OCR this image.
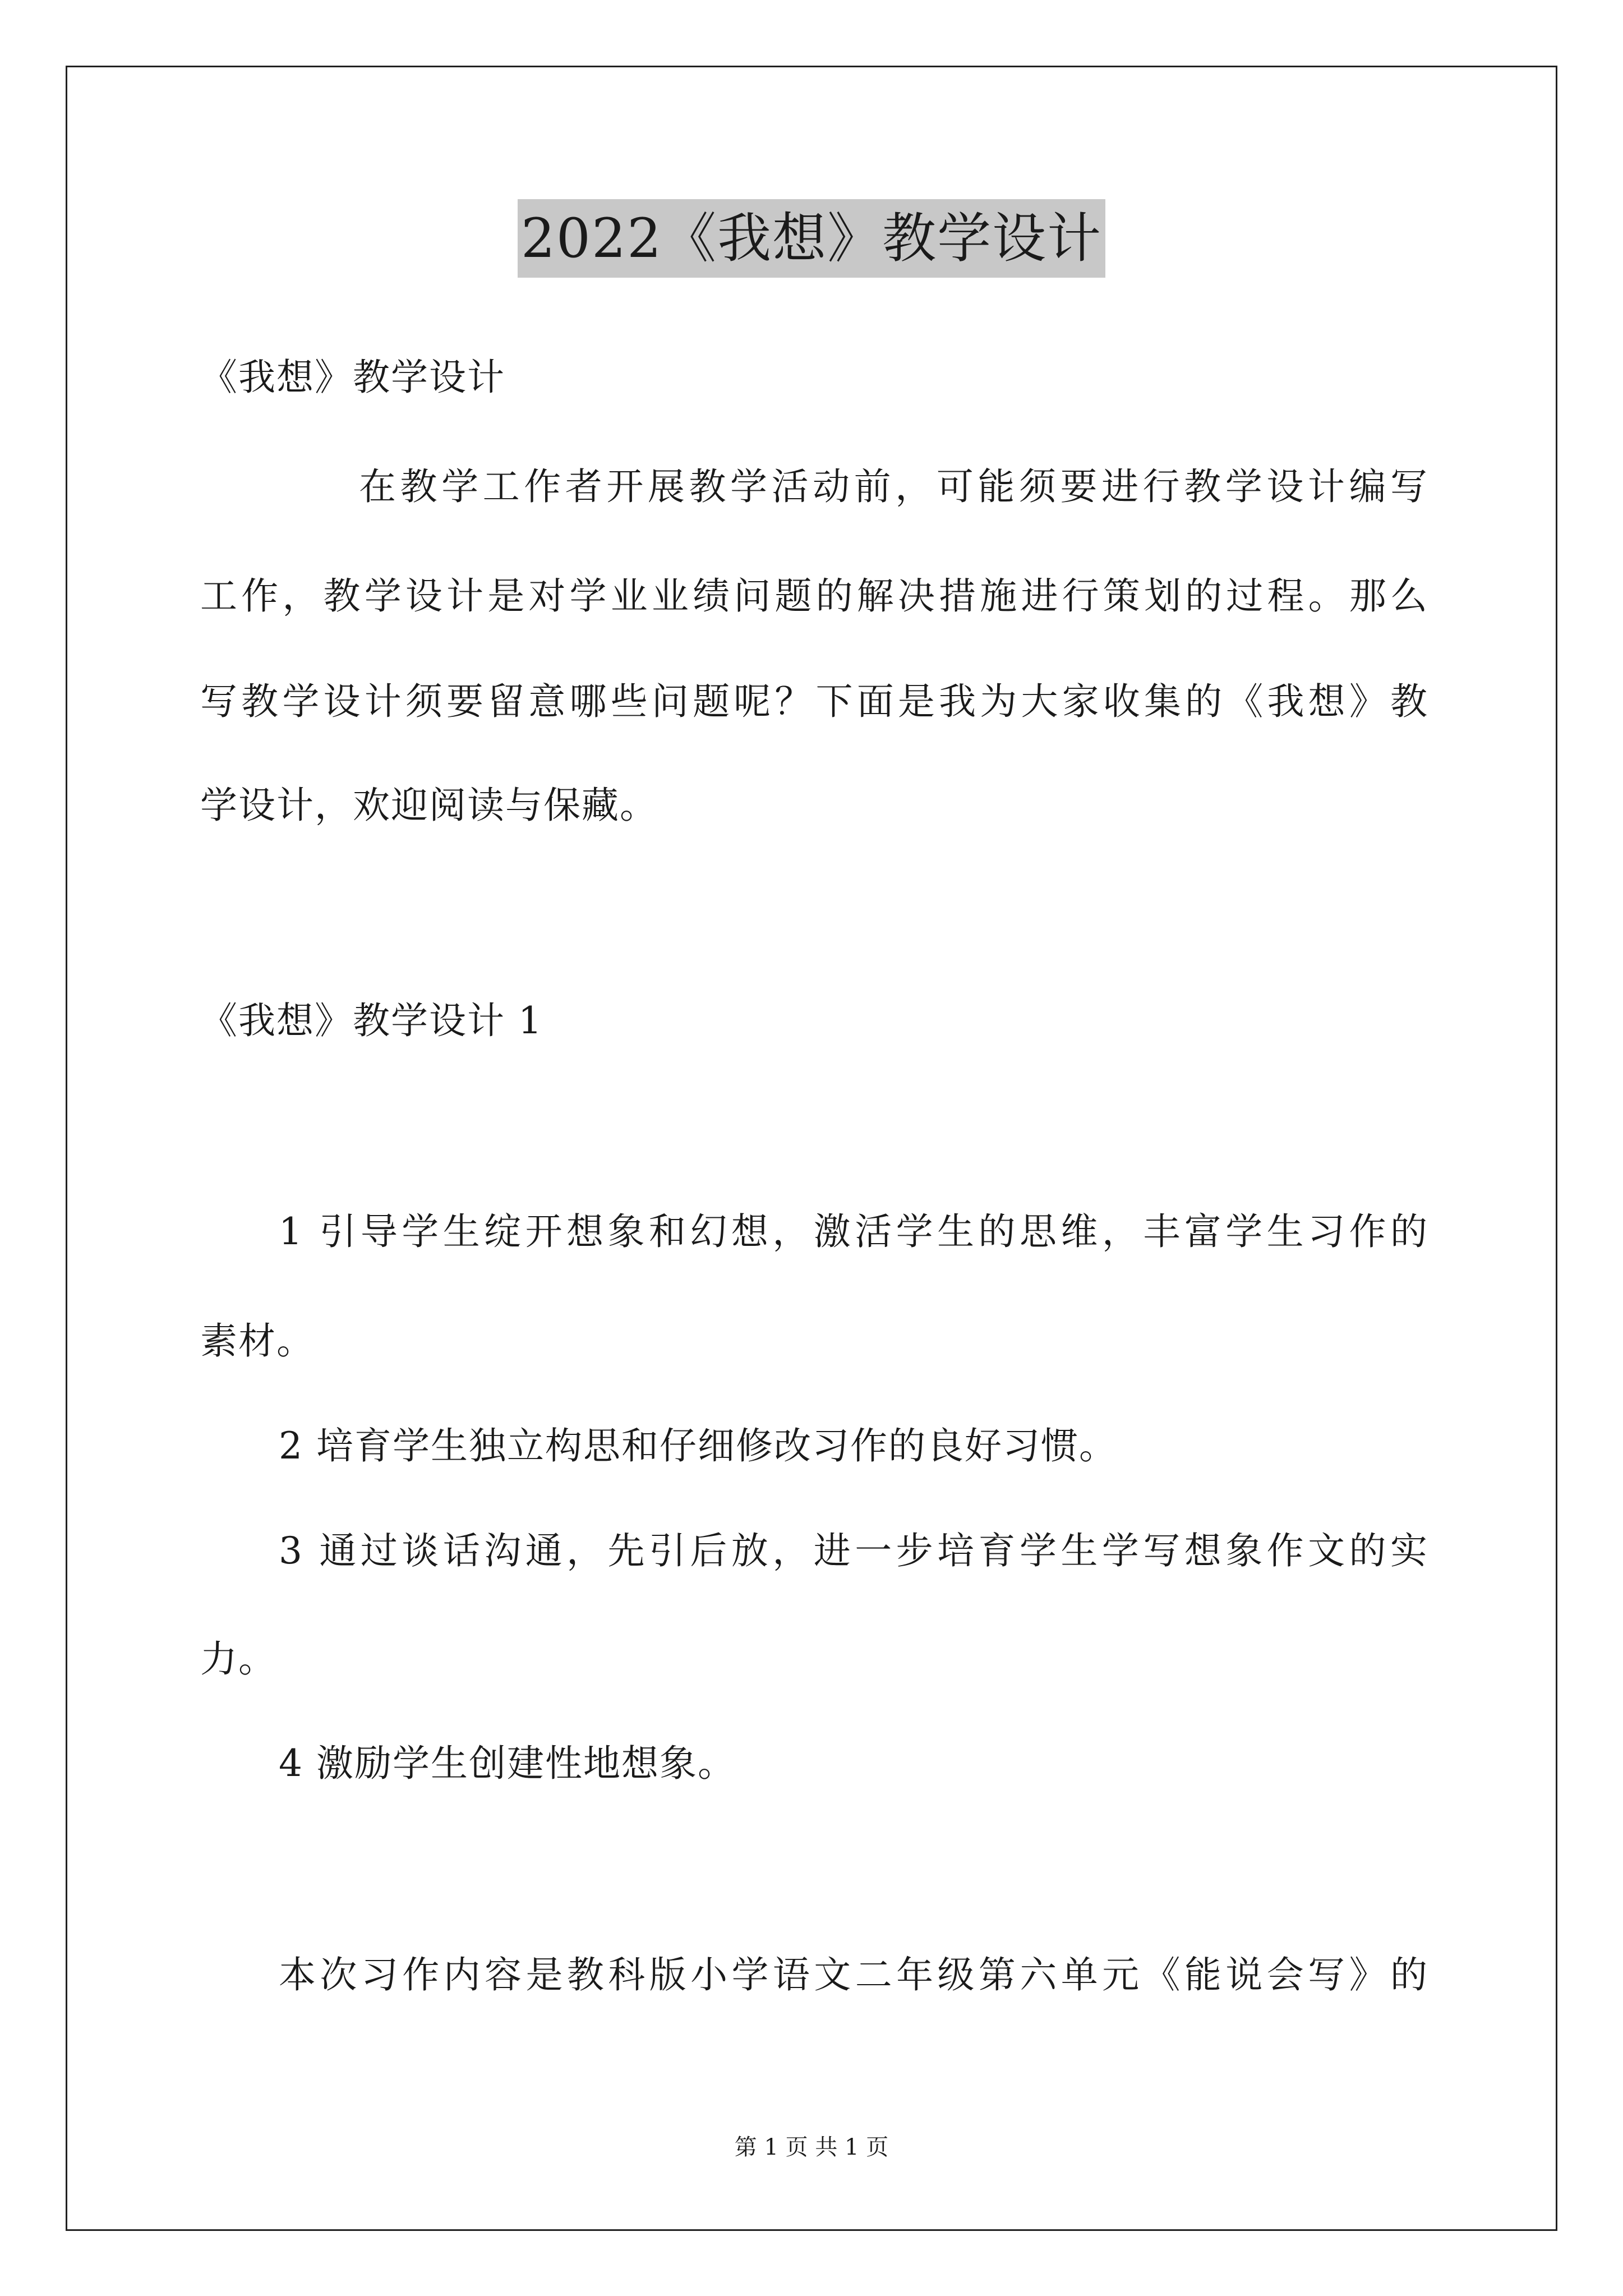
2022《我想》教学设计
《我想》教学设计
在教学工作者开展教学活动前，可能须要进行教学设计编写
工作，教学设计是对学业业绩问题的解决措施进行策划的过程。那么
写教学设计须要留意哪些问题呢？下面是我为大家收集的《我想》教
学设计，欢迎阅读与保藏。
《我想》教学设计 1
1 引导学生绽开想象和幻想，激活学生的思维，丰富学生习作的
素材。
2 培育学生独立构思和仔细修改习作的良好习惯。
3 通过谈话沟通，先引后放，进一步培育学生学写想象作文的实
力。
4 激励学生创建性地想象。
本次习作内容是教科版小学语文二年级第六单元《能说会写》的
第 1 页 共 1 页
